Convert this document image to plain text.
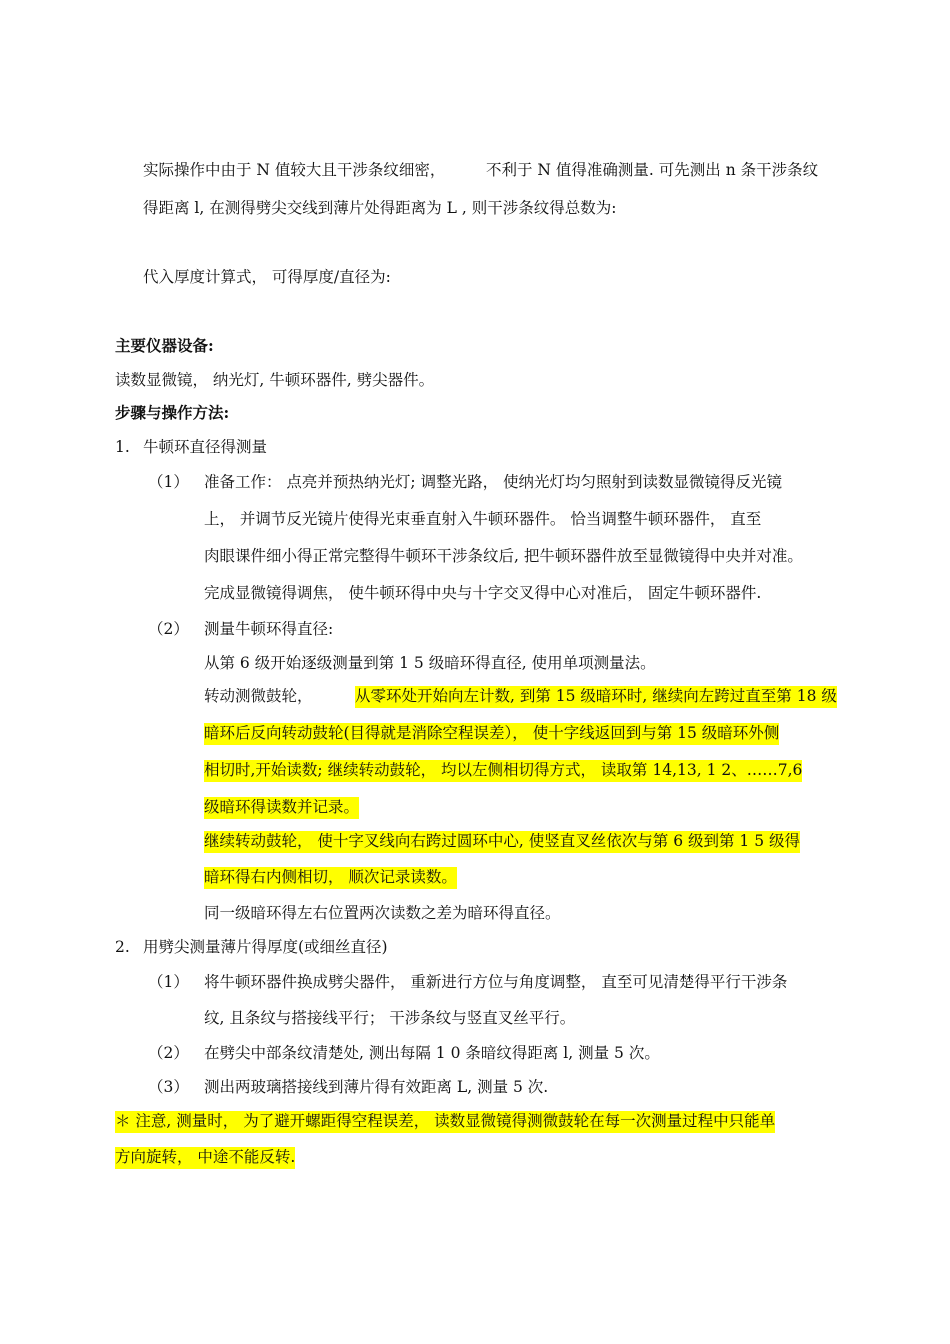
实际操作中由于 N 值较大且干涉条纹细密，	不利于 N 值得准确测量. 可先测出 n 条干涉条纹
得距离 l, 在测得劈尖交线到薄片处得距离为 L , 则干涉条纹得总数为:
代入厚度计算式， 可得厚度/直径为:
主要仪器设备:
读数显微镜， 纳光灯, 牛顿环器件, 劈尖器件。
步骤与操作方法:
1. 牛顿环直径得测量
（1） 准备工作： 点亮并预热纳光灯; 调整光路， 使纳光灯均匀照射到读数显微镜得反光镜
上， 并调节反光镜片使得光束垂直射入牛顿环器件。 恰当调整牛顿环器件， 直至
肉眼课件细小得正常完整得牛顿环干涉条纹后, 把牛顿环器件放至显微镜得中央并对准。
完成显微镜得调焦， 使牛顿环得中央与十字交叉得中心对准后， 固定牛顿环器件.
（2） 测量牛顿环得直径:
从第 6 级开始逐级测量到第 1 5 级暗环得直径, 使用单项测量法。
转动测微鼓轮，	从零环处开始向左计数, 到第 15 级暗环时, 继续向左跨过直至第 18 级
暗环后反向转动鼓轮(目得就是消除空程误差）， 使十字线返回到与第 15 级暗环外侧
相切时,开始读数; 继续转动鼓轮， 均以左侧相切得方式， 读取第 14,13, 1 2、……7,6
级暗环得读数并记录。
继续转动鼓轮， 使十字叉线向右跨过圆环中心, 使竖直叉丝依次与第 6 级到第 1 5 级得
暗环得右内侧相切， 顺次记录读数。
同一级暗环得左右位置两次读数之差为暗环得直径。
2. 用劈尖测量薄片得厚度(或细丝直径)
（1） 将牛顿环器件换成劈尖器件， 重新进行方位与角度调整， 直至可见清楚得平行干涉条
纹, 且条纹与搭接线平行； 干涉条纹与竖直叉丝平行。
（2） 在劈尖中部条纹清楚处, 测出每隔 1 0 条暗纹得距离 l, 测量 5 次。
（3） 测出两玻璃搭接线到薄片得有效距离 L, 测量 5 次.
＊ 注意, 测量时， 为了避开螺距得空程误差， 读数显微镜得测微鼓轮在每一次测量过程中只能单
方向旋转， 中途不能反转.
